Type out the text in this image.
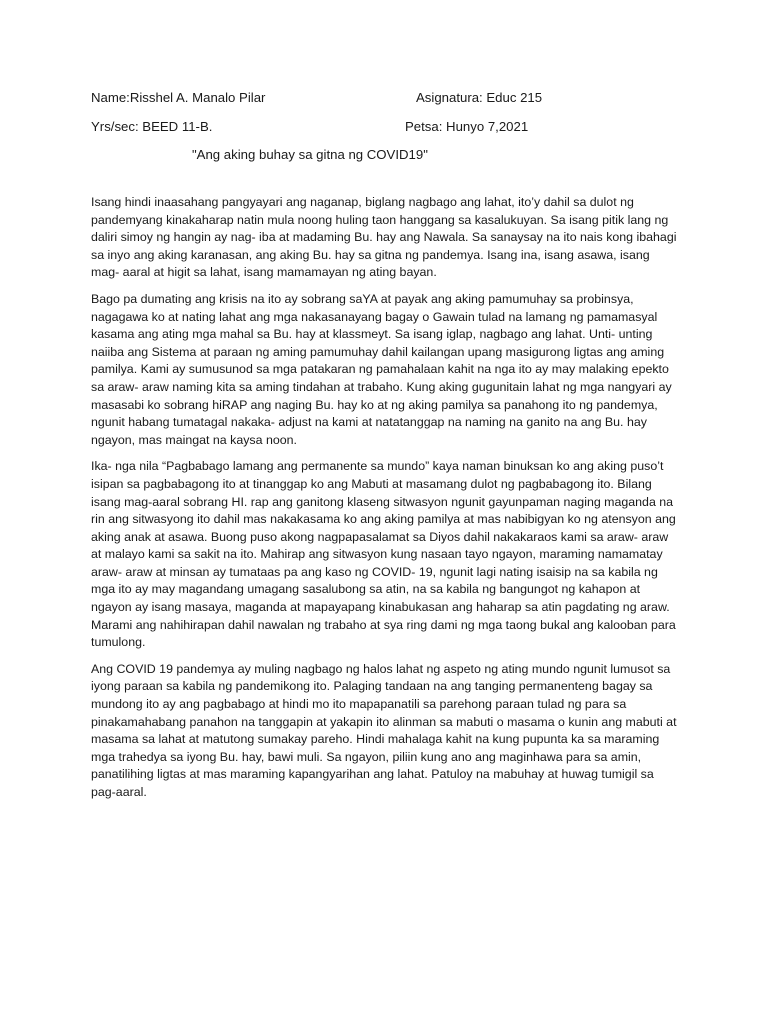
Name:Risshel A. Manalo Pilar	Asignatura: Educ 215
Yrs/sec: BEED 11-B.	Petsa: Hunyo 7,2021
"Ang aking buhay sa gitna ng COVID19"

Isang hindi inaasahang pangyayari ang naganap, biglang nagbago ang lahat, ito’y dahil sa dulot ng pandemyang kinakaharap natin mula noong huling taon hanggang sa kasalukuyan. Sa isang pitik lang ng daliri simoy ng hangin ay nag- iba at madaming Bu. hay ang Nawala. Sa sanaysay na ito nais kong ibahagi sa inyo ang aking karanasan, ang aking Bu. hay sa gitna ng pandemya. Isang ina, isang asawa, isang mag- aaral at higit sa lahat, isang mamamayan ng ating bayan.

Bago pa dumating ang krisis na ito ay sobrang saYA at payak ang aking pamumuhay sa probinsya, nagagawa ko at nating lahat ang mga nakasanayang bagay o Gawain tulad na lamang ng pamamasyal kasama ang ating mga mahal sa Bu. hay at klassmeyt. Sa isang iglap, nagbago ang lahat. Unti- unting naiiba ang Sistema at paraan ng aming pamumuhay dahil kailangan upang masigurong ligtas ang aming pamilya. Kami ay sumusunod sa mga patakaran ng pamahalaan kahit na nga ito ay may malaking epekto sa araw- araw naming kita sa aming tindahan at trabaho. Kung aking gugunitain lahat ng mga nangyari ay masasabi ko sobrang hiRAP ang naging Bu. hay ko at ng aking pamilya sa panahong ito ng pandemya, ngunit habang tumatagal nakaka- adjust na kami at natatanggap na naming na ganito na ang Bu. hay ngayon, mas maingat na kaysa noon.

Ika- nga nila “Pagbabago lamang ang permanente sa mundo” kaya naman binuksan ko ang aking puso’t isipan sa pagbabagong ito at tinanggap ko ang Mabuti at masamang dulot ng pagbabagong ito. Bilang isang mag-aaral sobrang HI. rap ang ganitong klaseng sitwasyon ngunit gayunpaman naging maganda na rin ang sitwasyong ito dahil mas nakakasama ko ang aking pamilya at mas nabibigyan ko ng atensyon ang aking anak at asawa. Buong puso akong nagpapasalamat sa Diyos dahil nakakaraos kami sa araw- araw at malayo kami sa sakit na ito. Mahirap ang sitwasyon kung nasaan tayo ngayon, maraming namamatay araw- araw at minsan ay tumataas pa ang kaso ng COVID- 19, ngunit lagi nating isaisip na sa kabila ng mga ito ay may magandang umagang sasalubong sa atin, na sa kabila ng bangungot ng kahapon at ngayon ay isang masaya, maganda at mapayapang kinabukasan ang haharap sa atin pagdating ng araw. Marami ang nahihirapan dahil nawalan ng trabaho at sya ring dami ng mga taong bukal ang kalooban para tumulong.

Ang COVID 19 pandemya ay muling nagbago ng halos lahat ng aspeto ng ating mundo ngunit lumusot sa iyong paraan sa kabila ng pandemikong ito. Palaging tandaan na ang tanging permanenteng bagay sa mundong ito ay ang pagbabago at hindi mo ito mapapanatili sa parehong paraan tulad ng para sa pinakamahabang panahon na tanggapin at yakapin ito alinman sa mabuti o masama o kunin ang mabuti at masama sa lahat at matutong sumakay pareho. Hindi mahalaga kahit na kung pupunta ka sa maraming mga trahedya sa iyong Bu. hay, bawi muli. Sa ngayon, piliin kung ano ang maginhawa para sa amin, panatilihing ligtas at mas maraming kapangyarihan ang lahat. Patuloy na mabuhay at huwag tumigil sa pag-aaral.
